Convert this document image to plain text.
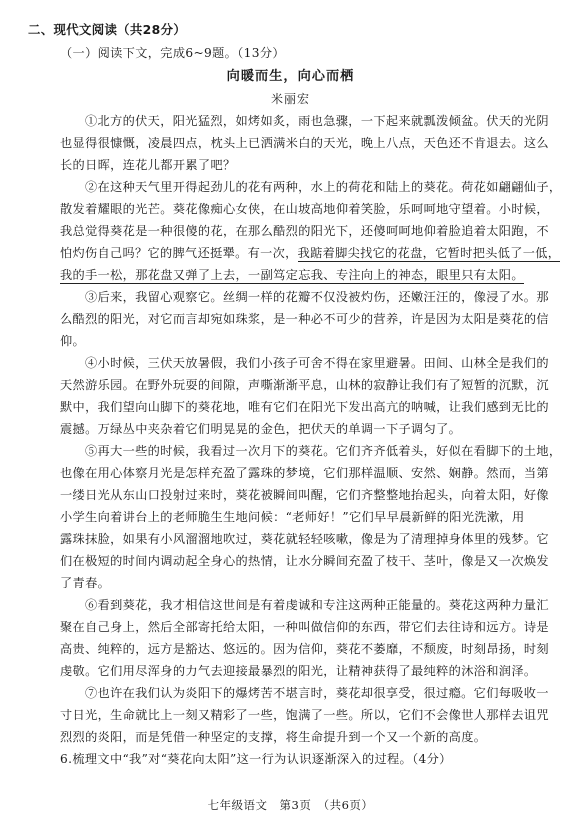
二、现代文阅读（共28分）
（一）阅读下文，完成6~9题。（13分）
向暖而生，向心而栖
米丽宏
①北方的伏天，阳光猛烈，如烤如炙，雨也急骤，一下起来就瓢泼倾盆。伏天的光阴
也显得很慷慨，凌晨四点，枕头上已洒满米白的天光，晚上八点，天色还不肯退去。这么
长的日晖，连花儿都开累了吧？
②在这种天气里开得起劲儿的花有两种，水上的荷花和陆上的葵花。荷花如翩翩仙子，
散发着耀眼的光芒。葵花像痴心女侠，在山坡高地仰着笑脸，乐呵呵地守望着。小时候，
我总觉得葵花是一种很傻的花，在那么酷烈的阳光下，还傻呵呵地仰着脸追着太阳跑，不
怕灼伤自己吗？它的脾气还挺犟。有一次，我踮着脚尖找它的花盘，它暂时把头低了一低，
我的手一松，那花盘又弹了上去，一副笃定忘我、专注向上的神态，眼里只有太阳。
③后来，我留心观察它。丝绸一样的花瓣不仅没被灼伤，还嫩汪汪的，像浸了水。那
么酷烈的阳光，对它而言却宛如珠浆，是一种必不可少的营养，许是因为太阳是葵花的信
仰。
④小时候，三伏天放暑假，我们小孩子可舍不得在家里避暑。田间、山林全是我们的
天然游乐园。在野外玩耍的间隙，声嘶渐渐平息，山林的寂静让我们有了短暂的沉默，沉
默中，我们望向山脚下的葵花地，唯有它们在阳光下发出高亢的呐喊，让我们感到无比的
震撼。万绿丛中夹杂着它们明晃晃的金色，把伏天的单调一下子调匀了。
⑤再大一些的时候，我看过一次月下的葵花。它们齐齐低着头，好似在看脚下的土地，
也像在用心体察月光是怎样充盈了露珠的梦境，它们那样温顺、安然、娴静。然而，当第
一缕日光从东山口投射过来时，葵花被瞬间叫醒，它们齐整整地抬起头，向着太阳，好像
小学生向着讲台上的老师脆生生地问候：“老师好！”它们早早晨新鲜的阳光洗漱，用
露珠抹脸，如果有小风溜溜地吹过，葵花就轻轻咳嗽，像是为了清理掉身体里的残梦。它
们在极短的时间内调动起全身心的热情，让水分瞬间充盈了枝干、茎叶，像是又一次焕发
了青春。
⑥看到葵花，我才相信这世间是有着虔诚和专注这两种正能量的。葵花这两种力量汇
聚在自己身上，然后全部寄托给太阳，一种叫做信仰的东西，带它们去往诗和远方。诗是
高贵、纯粹的，远方是豁达、悠远的。因为信仰，葵花不萎靡，不颓废，时刻昂扬，时刻
虔敬。它们用尽浑身的力气去迎接最暴烈的阳光，让精神获得了最纯粹的沐浴和润泽。
⑦也许在我们认为炎阳下的爆烤苦不堪言时，葵花却很享受，很过瘾。它们每吸收一
寸日光，生命就比上一刻又精彩了一些，饱满了一些。所以，它们不会像世人那样去诅咒
烈烈的炎阳，而是凭借一种坚定的支撑，将生命提升到一个又一个新的高度。
6.梳理文中“我”对“葵花向太阳”这一行为认识逐渐深入的过程。（4分）
七年级语文　第3页　（共6页）
